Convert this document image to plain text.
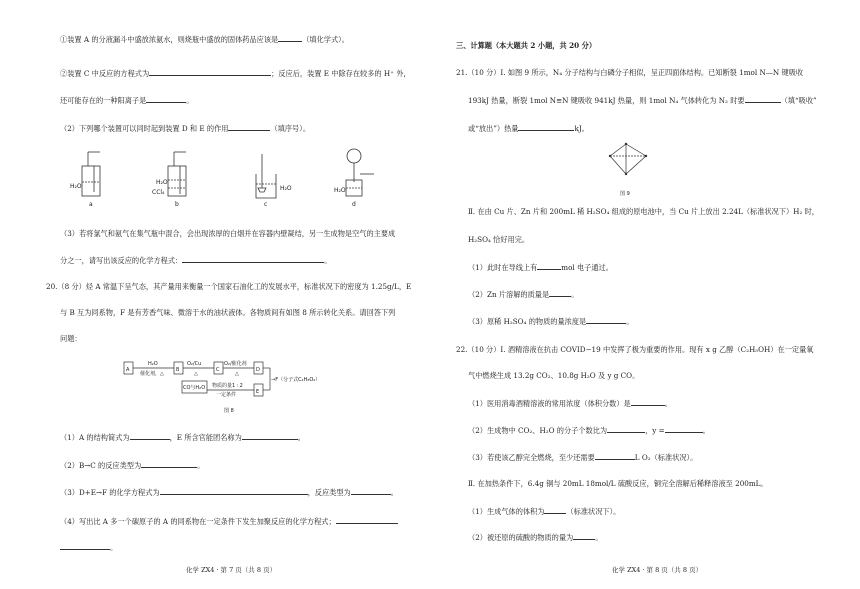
①装置 A 的分液漏斗中盛放浓氨水，则烧瓶中盛放的固体药品应该是	（填化学式）。
②装置 C 中反应的方程式为	；反应后，装置 E 中除存在较多的 H⁺ 外，
还可能存在的一种阳离子是	。
（2）下列哪个装置可以同时起到装置 D 和 E 的作用	（填序号）。
H₂O
H₂O
CCl₄
H₂O	H₂O
a	b	c	d
（3）若将氯气和氨气在集气瓶中混合，会出现浓厚的白烟并在容器内壁凝结，另一生成物是空气的主要成
分之一，请写出该反应的化学方程式：	。
20.（8 分）烃 A 常温下呈气态，其产量用来衡量一个国家石油化工的发展水平，标准状况下的密度为 1.25g/L，E
与 B 互为同系物，F 是有芳香气味、微溶于水的油状液体。各物质间有如图 8 所示转化关系。请回答下列
问题：
A	B	C	D
E
H₂O
催化剂，△
O₂/Cu
△
O₂/催化剂
△
CO与H₂O 物质的量1 ∶ 2
一定条件
→F（分子式C₄H₈O₂）
图 8
（1）A 的结构简式为	，E 所含官能团名称为	。
（2）B→C 的反应类型为	。
（3）D+E→F 的化学方程式为	，反应类型为	。
（4）写出比 A 多一个碳原子的 A 的同系物在一定条件下发生加聚反应的化学方程式；
。
化学 ZX4 · 第 7 页（共 8 页）
三、计算题（本大题共 2 小题，共 20 分）
21.（10 分）Ⅰ. 如图 9 所示，N₄ 分子结构与白磷分子相似，呈正四面体结构。已知断裂 1mol N—N 键吸收
193kJ 热量，断裂 1mol N≡N 键吸收 941kJ 热量，则 1mol N₄ 气体转化为 N₂ 时要	（填“吸收”
或“放出”）热量	kJ。
图 9
Ⅱ. 在由 Cu 片、Zn 片和 200mL 稀 H₂SO₄ 组成的原电池中，当 Cu 片上放出 2.24L（标准状况下）H₂ 时，
H₂SO₄ 恰好用完。
（1）此时在导线上有	mol 电子通过。
（2）Zn 片溶解的质量是	。
（3）原稀 H₂SO₄ 的物质的量浓度是	。
22.（10 分）Ⅰ. 酒精溶液在抗击 COVID−19 中发挥了极为重要的作用。现有 x g 乙醇（C₂H₅OH）在一定量氧
气中燃烧生成 13.2g CO₂、10.8g H₂O 及 y g CO。
（1）医用消毒酒精溶液的常用浓度（体积分数）是	。
（2）生成物中 CO₂、H₂O 的分子个数比为	，y =	。
（3）若使该乙醇完全燃烧，至少还需要	L O₂（标准状况）。
Ⅱ. 在加热条件下，6.4g 铜与 20mL 18mol/L 硫酸反应，铜完全溶解后稀释溶液至 200mL。
（1）生成气体的体积为	（标准状况下）。
（2）被还原的硫酸的物质的量为	。
化学 ZX4 · 第 8 页（共 8 页）
